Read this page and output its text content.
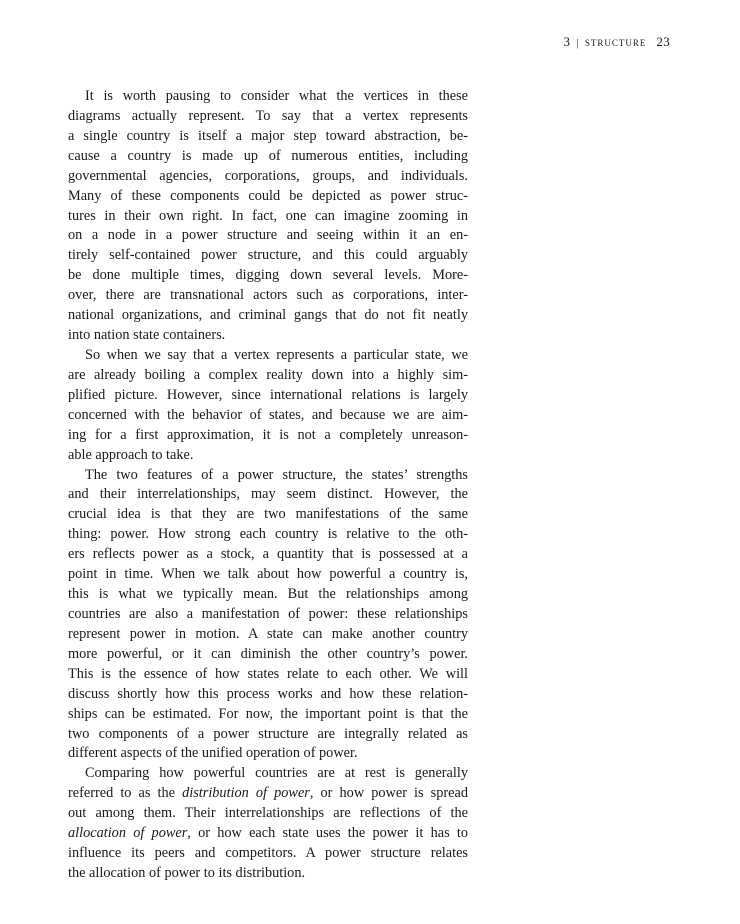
3 | structure 23
It is worth pausing to consider what the vertices in these
diagrams actually represent. To say that a vertex represents
a single country is itself a major step toward abstraction, be-
cause a country is made up of numerous entities, including
governmental agencies, corporations, groups, and individuals.
Many of these components could be depicted as power struc-
tures in their own right. In fact, one can imagine zooming in
on a node in a power structure and seeing within it an en-
tirely self-contained power structure, and this could arguably
be done multiple times, digging down several levels. More-
over, there are transnational actors such as corporations, inter-
national organizations, and criminal gangs that do not fit neatly
into nation state containers.
So when we say that a vertex represents a particular state, we
are already boiling a complex reality down into a highly sim-
plified picture. However, since international relations is largely
concerned with the behavior of states, and because we are aim-
ing for a first approximation, it is not a completely unreason-
able approach to take.
The two features of a power structure, the states’ strengths
and their interrelationships, may seem distinct. However, the
crucial idea is that they are two manifestations of the same
thing: power. How strong each country is relative to the oth-
ers reflects power as a stock, a quantity that is possessed at a
point in time. When we talk about how powerful a country is,
this is what we typically mean. But the relationships among
countries are also a manifestation of power: these relationships
represent power in motion. A state can make another country
more powerful, or it can diminish the other country’s power.
This is the essence of how states relate to each other. We will
discuss shortly how this process works and how these relation-
ships can be estimated. For now, the important point is that the
two components of a power structure are integrally related as
different aspects of the unified operation of power.
Comparing how powerful countries are at rest is generally
referred to as the distribution of power, or how power is spread
out among them. Their interrelationships are reflections of the
allocation of power, or how each state uses the power it has to
influence its peers and competitors. A power structure relates
the allocation of power to its distribution.
